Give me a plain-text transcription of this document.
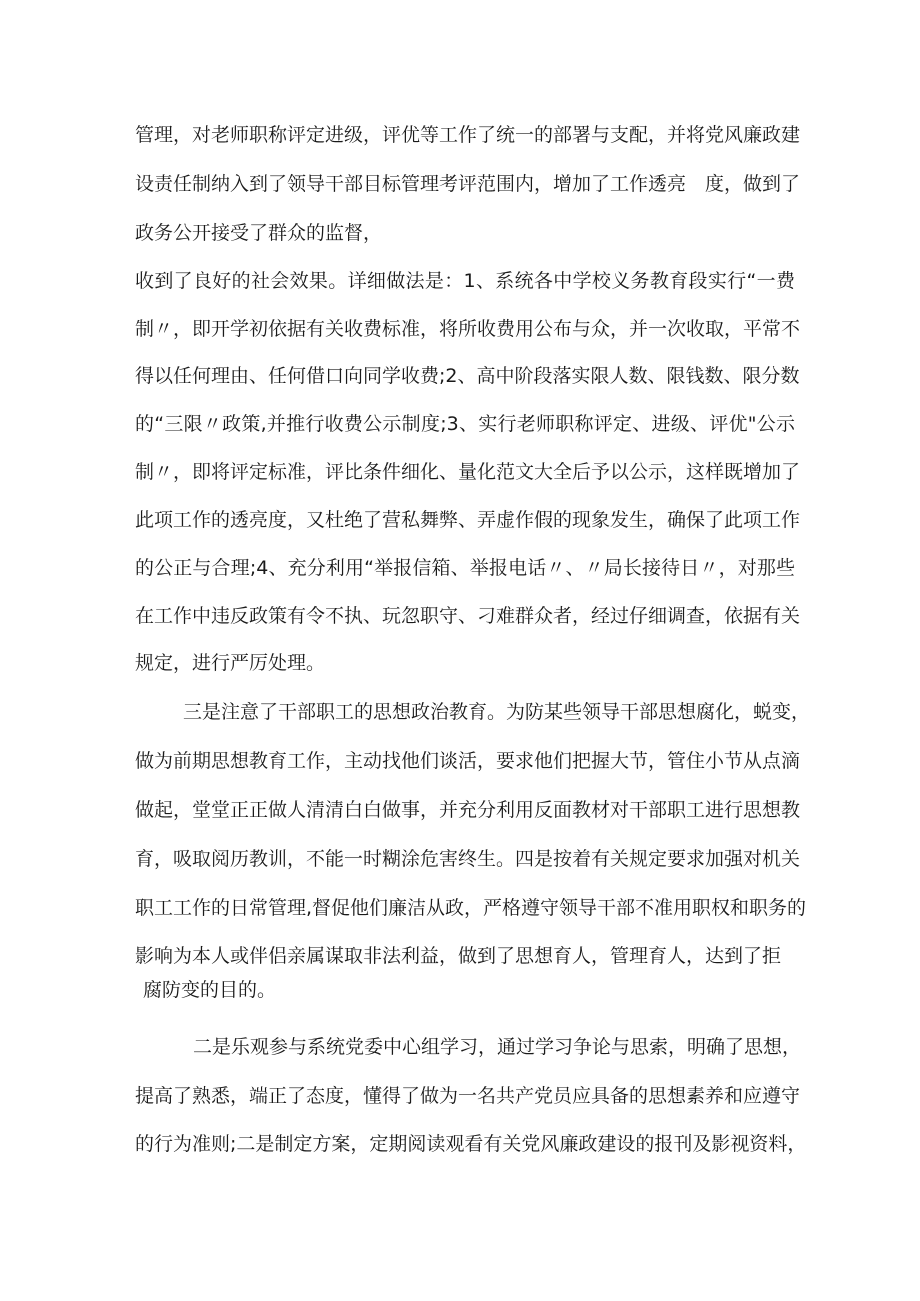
管理，对老师职称评定进级，评优等工作了统一的部署与支配，并将党风廉政建
设责任制纳入到了领导干部目标管理考评范围内，增加了工作透亮　度，做到了
政务公开接受了群众的监督，
收到了良好的社会效果。详细做法是：1、系统各中学校义务教育段实行“一费
制〃，即开学初依据有关收费标准，将所收费用公布与众，并一次收取，平常不
得以任何理由、任何借口向同学收费;2、高中阶段落实限人数、限钱数、限分数
的“三限〃政策,并推行收费公示制度;3、实行老师职称评定、进级、评优"公示
制〃，即将评定标准，评比条件细化、量化范文大全后予以公示，这样既增加了
此项工作的透亮度，又杜绝了营私舞弊、弄虚作假的现象发生，确保了此项工作
的公正与合理;4、充分利用“举报信箱、举报电话〃、〃局长接待日〃，对那些
在工作中违反政策有令不执、玩忽职守、刁难群众者，经过仔细调查，依据有关
规定，进行严厉处理。
三是注意了干部职工的思想政治教育。为防某些领导干部思想腐化，蜕变，
做为前期思想教育工作，主动找他们谈活，要求他们把握大节，管住小节从点滴
做起，堂堂正正做人清清白白做事，并充分利用反面教材对干部职工进行思想教
育，吸取阅历教训，不能一时糊涂危害终生。四是按着有关规定要求加强对机关
职工工作的日常管理,督促他们廉洁从政，严格遵守领导干部不准用职权和职务的
影响为本人或伴侣亲属谋取非法利益，做到了思想育人，管理育人，达到了拒
腐防变的目的。
二是乐观参与系统党委中心组学习，通过学习争论与思索，明确了思想，
提高了熟悉，端正了态度，懂得了做为一名共产党员应具备的思想素养和应遵守
的行为准则;二是制定方案，定期阅读观看有关党风廉政建设的报刊及影视资料，
